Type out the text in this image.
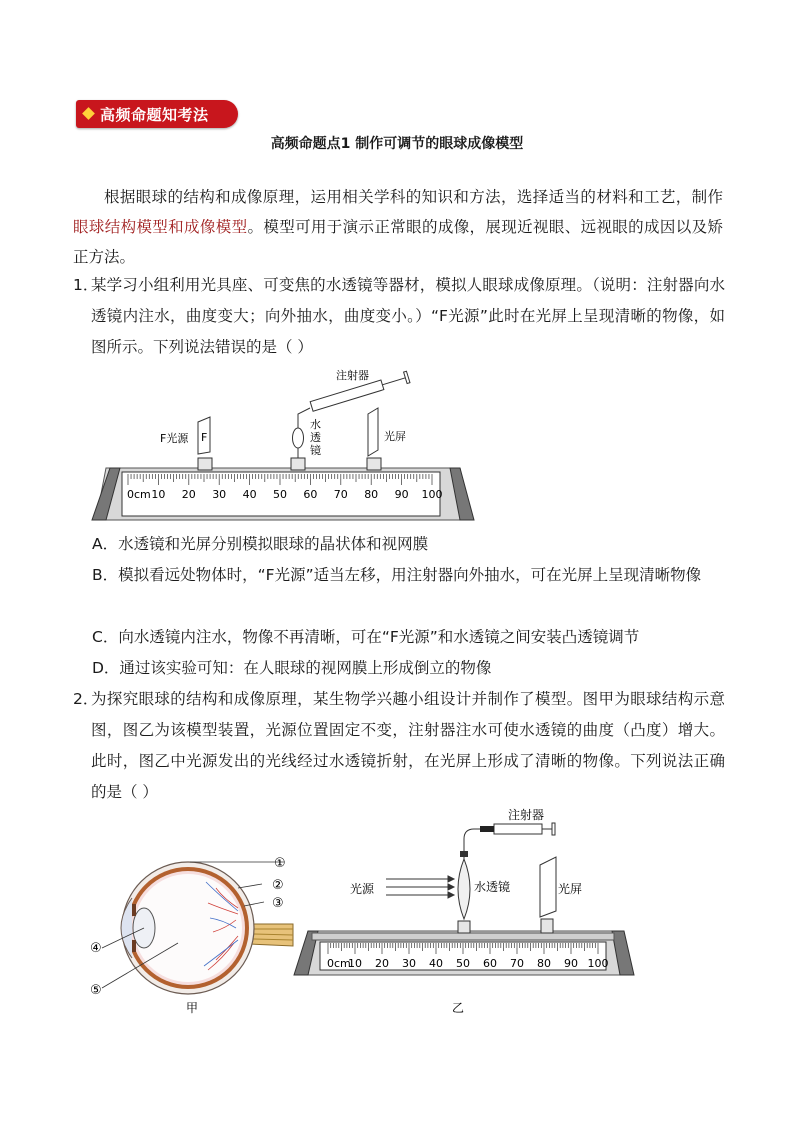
高频命题知考法
高频命题点1 制作可调节的眼球成像模型
根据眼球的结构和成像原理，运用相关学科的知识和方法，选择适当的材料和工艺，制作眼球结构模型和成像模型。模型可用于演示正常眼的成像，展现近视眼、远视眼的成因以及矫正方法。
1．
某学习小组利用光具座、可变焦的水透镜等器材，模拟人眼球成像原理。（说明：注射器向水透镜内注水，曲度变大；向外抽水，曲度变小。）“F光源”此时在光屏上呈现清晰的物像，如图所示。下列说法错误的是（ ）
0cm 10 20 30 40 50 60 70 80 90 100
F
F光源
水透镜
注射器
光屏
A．水透镜和光屏分别模拟眼球的晶状体和视网膜
B．模拟看远处物体时，“F光源”适当左移，用注射器向外抽水，可在光屏上呈现清晰物像
C．向水透镜内注水，物像不再清晰，可在“F光源”和水透镜之间安装凸透镜调节
D．通过该实验可知：在人眼球的视网膜上形成倒立的物像
2．
为探究眼球的结构和成像原理，某生物学兴趣小组设计并制作了模型。图甲为眼球结构示意图，图乙为该模型装置，光源位置固定不变，注射器注水可使水透镜的曲度（凸度）增大。此时，图乙中光源发出的光线经过水透镜折射，在光屏上形成了清晰的物像。下列说法正确的是（ ）
①
②
③
④
⑤
甲
0cm
10 20 30 40 50 60 70 80 90 100
光源	水透镜
注射器
光屏
乙
